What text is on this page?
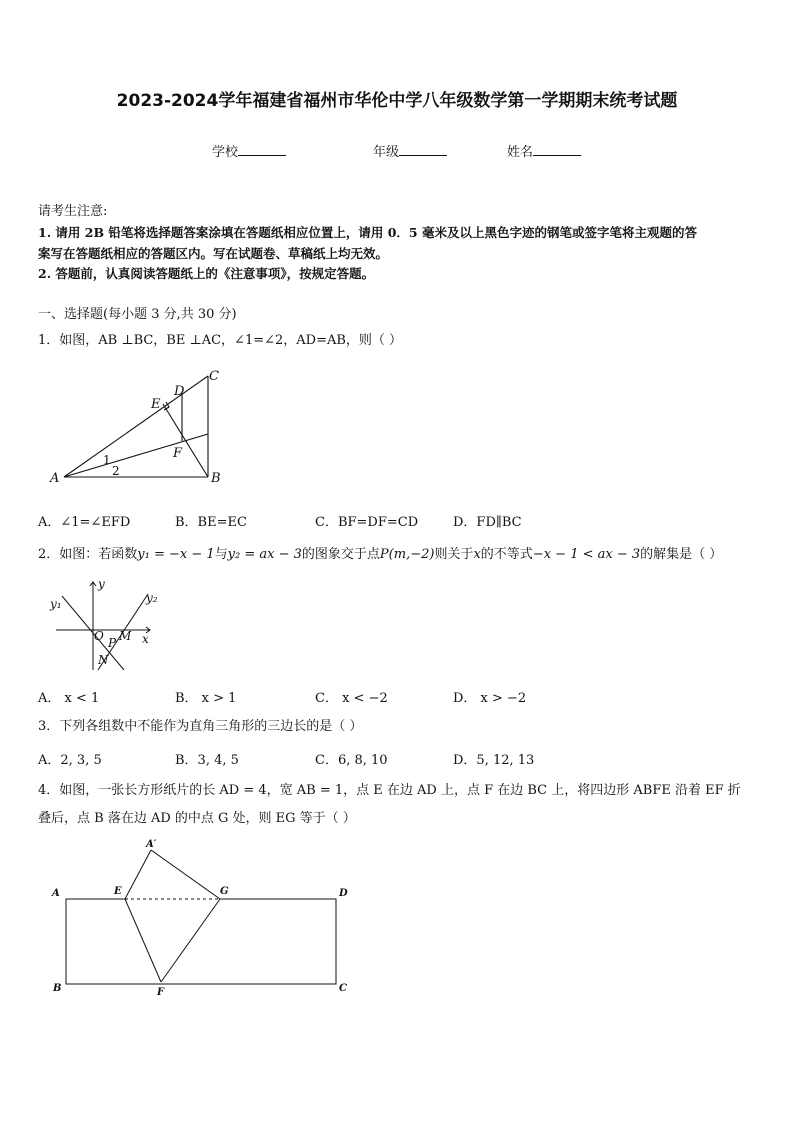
2023-2024学年福建省福州市华伦中学八年级数学第一学期期末统考试题
学校	年级	姓名
请考生注意:
1. 请用 2B 铅笔将选择题答案涂填在答题纸相应位置上，请用 0．5 毫米及以上黑色字迹的钢笔或签字笔将主观题的答
案写在答题纸相应的答题区内。写在试题卷、草稿纸上均无效。
2. 答题前，认真阅读答题纸上的《注意事项》，按规定答题。
一、选择题(每小题 3 分,共 30 分)
1．如图，AB ⊥BC，BE ⊥AC，∠1=∠2，AD=AB，则（ ）
A	B
C
D
E
F
1
2
A．∠1=∠EFD	B．BE=EC	C．BF=DF=CD	D．FD∥BC
2．如图：若函数y₁ = −x − 1与y₂ = ax − 3的图象交于点P(m,−2)则关于x的不等式−x − 1 < ax − 3的解集是（ ）
y
x
y₁	y₂
O P M
N
A． x < 1	B． x > 1	C． x < −2	D． x > −2
3．下列各组数中不能作为直角三角形的三边长的是（ ）
A．2, 3, 5	B．3, 4, 5	C．6, 8, 10	D．5, 12, 13
4．如图，一张长方形纸片的长 AD = 4，宽 AB = 1，点 E 在边 AD 上，点 F 在边 BC 上，将四边形 ABFE 沿着 EF 折
叠后，点 B 落在边 AD 的中点 G 处，则 EG 等于（ ）
A′
A	E	G	D
B	F	C
